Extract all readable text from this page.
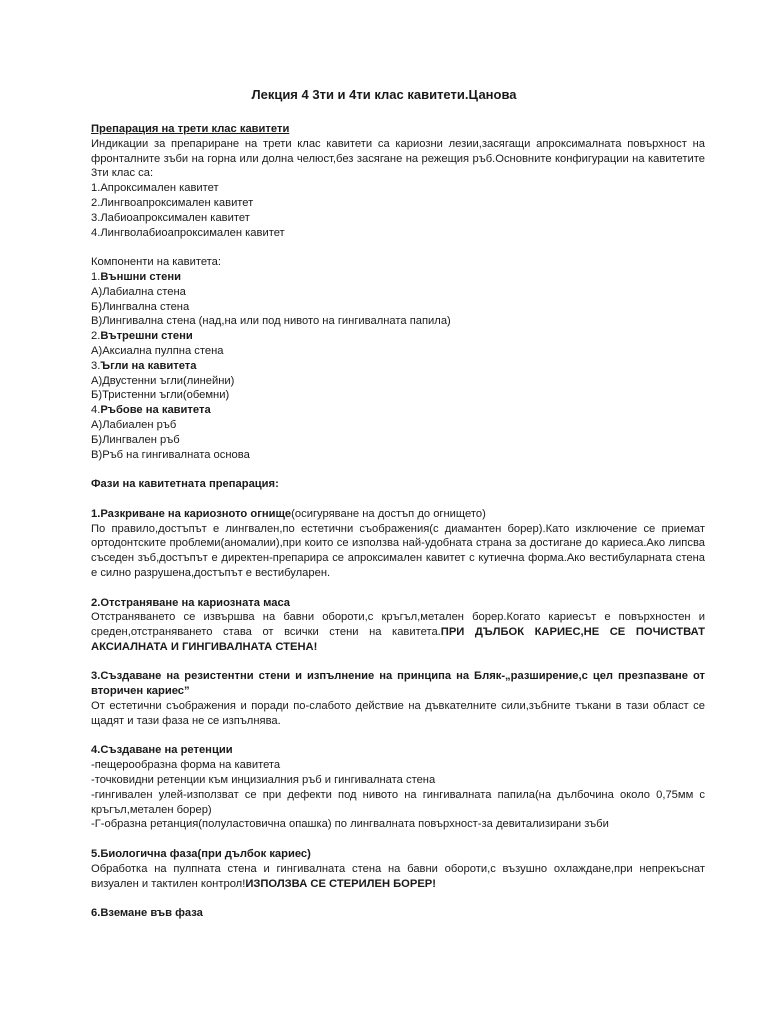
Лекция 4 3ти и 4ти клас кавитети.Цанова

Препарация на трети клас кавитети

Индикации за препариране на трети клас кавитети са кариозни лезии,засягащи апроксималната повърхност на фронталните зъби на горна или долна челюст,без засягане на режещия ръб.Основните конфигурации на кавитетите 3ти клас са:

1.Апроксимален кавитет

2.Лингвоапроксимален кавитет

3.Лабиоапроксимален кавитет

4.Лингволабиоапроксимален кавитет

Компоненти на кавитета:

1.Външни стени

А)Лабиална стена

Б)Лингвална стена

В)Лингивална стена (над,на или под нивото на гингивалната папила)

2.Вътрешни стени

А)Аксиална пулпна стена

3.Ъгли на кавитета

А)Двустенни ъгли(линейни)

Б)Тристенни ъгли(обемни)

4.Ръбове на кавитета

А)Лабиален ръб

Б)Лингвален ръб

В)Ръб на гингивалната основа

Фази на кавитетната препарация:

1.Разкриване на кариозното огнище(осигуряване на достъп до огнището)

По правило,достъпът е лингвален,по естетични съображения(с диамантен борер).Като изключение се приемат ортодонтските проблеми(аномалии),при които се използва най-удобната страна за достигане до кариеса.Ако липсва съседен зъб,достъпът е директен-препарира се апроксимален кавитет с кутиечна форма.Ако вестибуларната стена е силно разрушена,достъпът е вестибуларен.

2.Отстраняване на кариозната маса

Отстраняването се извършва на бавни обороти,с кръгъл,метален борер.Когато кариесът е повърхностен и среден,отстраняването става от всички стени на кавитета.ПРИ ДЪЛБОК КАРИЕС,НЕ СЕ ПОЧИСТВАТ АКСИАЛНАТА И ГИНГИВАЛНАТА СТЕНА!

3.Създаване на резистентни стени и изпълнение на принципа на Бляк-„разширение,с цел презпазване от вторичен кариес”

От естетични съображения и поради по-слабото действие на дъвкателните сили,зъбните тъкани в тази област се щадят и тази фаза не се изпълнява.

4.Създаване на ретенции

-пещерообразна форма на кавитета

-точковидни ретенции към инцизиалния ръб и гингивалната стена

-гингивален улей-използват се при дефекти под нивото на гингивалната папила(на дълбочина около 0,75мм с кръгъл,метален борер)

-Г-образна ретанция(полуластовична опашка) по лингвалната повърхност-за девитализирани зъби

5.Биологична фаза(при дълбок кариес)

Обработка на пулпната стена и гингивалната стена на бавни обороти,с възушно охлаждане,при непрекъснат визуален и тактилен контрол!ИЗПОЛЗВА СЕ СТЕРИЛЕН БОРЕР!

6.Вземане във фаза
